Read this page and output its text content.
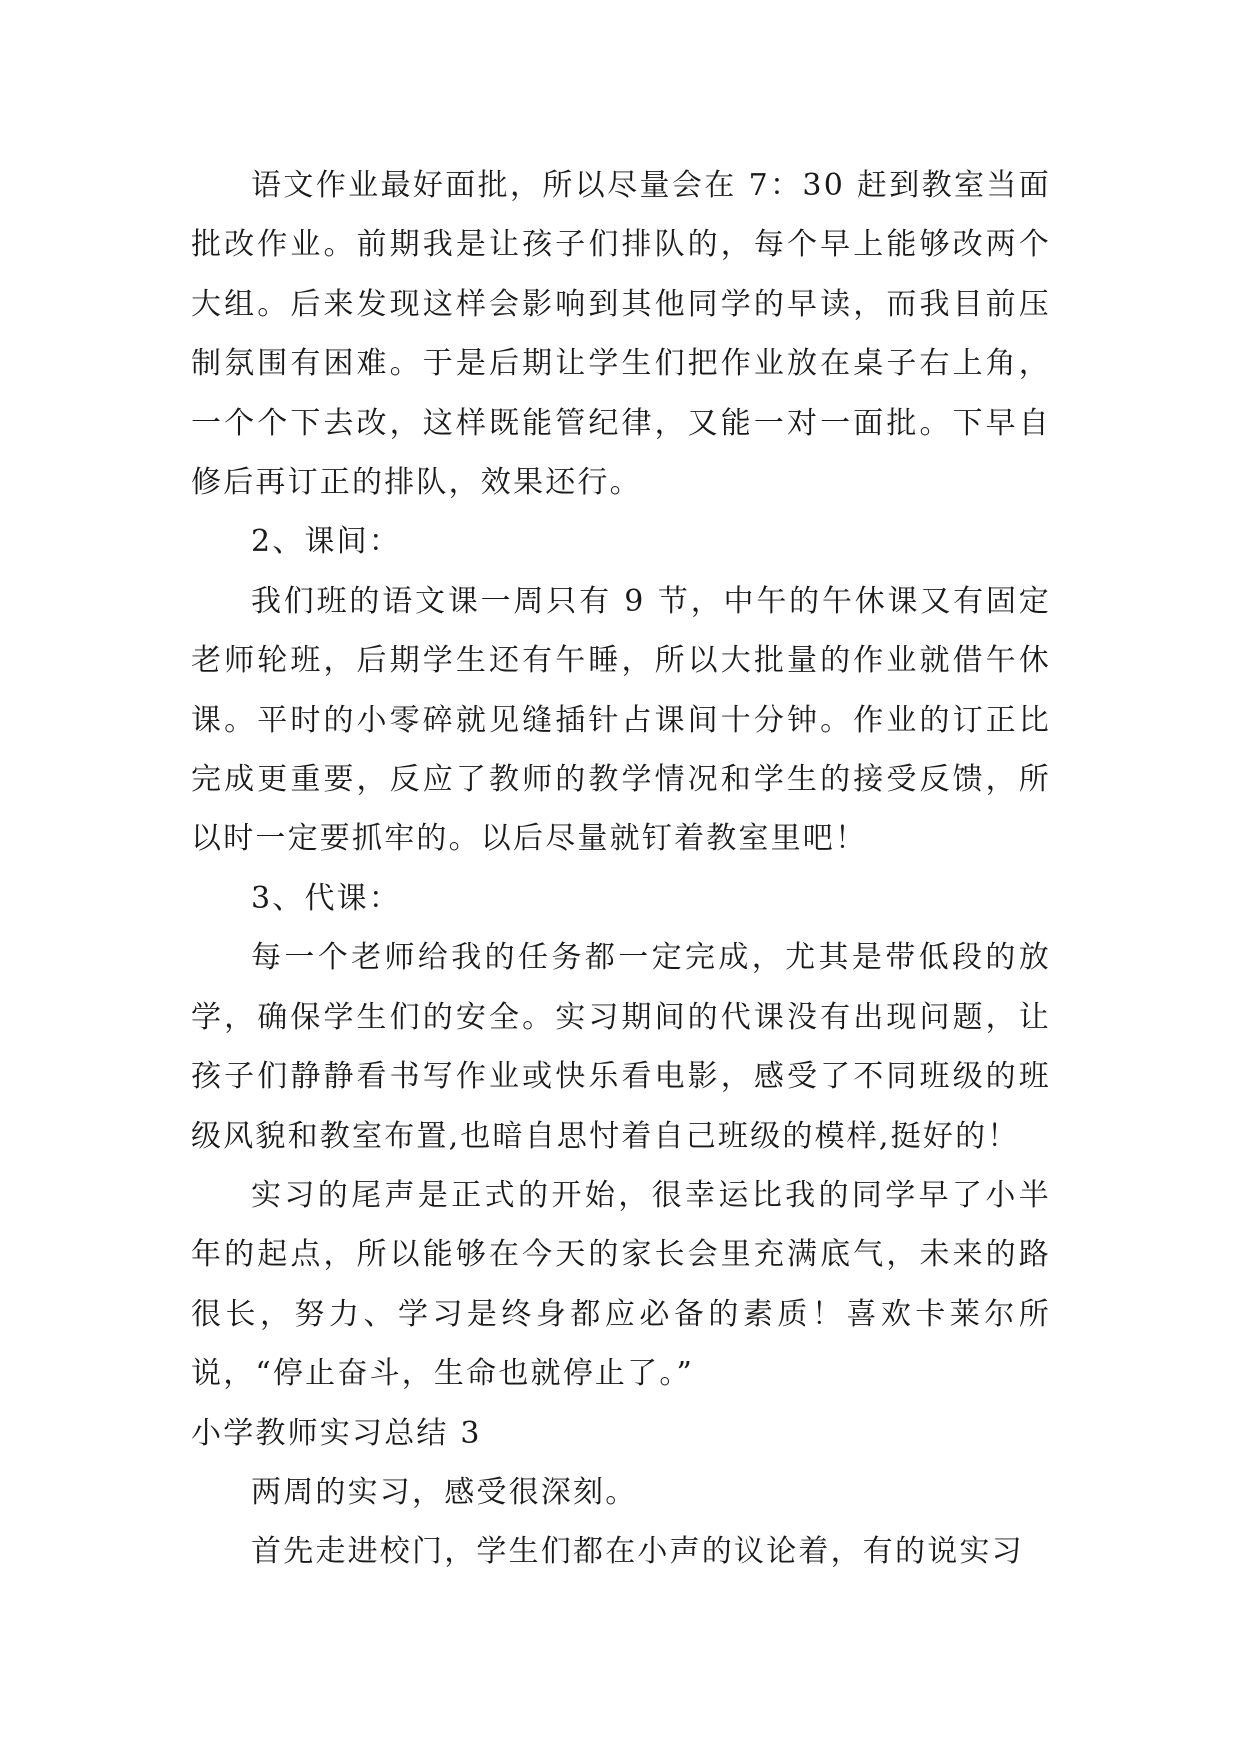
语文作业最好面批，所以尽量会在 7：30 赶到教室当面批改作业。前期我是让孩子们排队的，每个早上能够改两个大组。后来发现这样会影响到其他同学的早读，而我目前压制氛围有困难。于是后期让学生们把作业放在桌子右上角，一个个下去改，这样既能管纪律，又能一对一面批。下早自修后再订正的排队，效果还行。

2、课间：

我们班的语文课一周只有 9 节，中午的午休课又有固定老师轮班，后期学生还有午睡，所以大批量的作业就借午休课。平时的小零碎就见缝插针占课间十分钟。作业的订正比完成更重要，反应了教师的教学情况和学生的接受反馈，所以时一定要抓牢的。以后尽量就钉着教室里吧！

3、代课：

每一个老师给我的任务都一定完成，尤其是带低段的放学，确保学生们的安全。实习期间的代课没有出现问题，让孩子们静静看书写作业或快乐看电影，感受了不同班级的班级风貌和教室布置,也暗自思忖着自己班级的模样,挺好的！

实习的尾声是正式的开始，很幸运比我的同学早了小半年的起点，所以能够在今天的家长会里充满底气，未来的路很长，努力、学习是终身都应必备的素质！喜欢卡莱尔所说，“停止奋斗，生命也就停止了。”

小学教师实习总结 3

两周的实习，感受很深刻。

首先走进校门，学生们都在小声的议论着，有的说实习
